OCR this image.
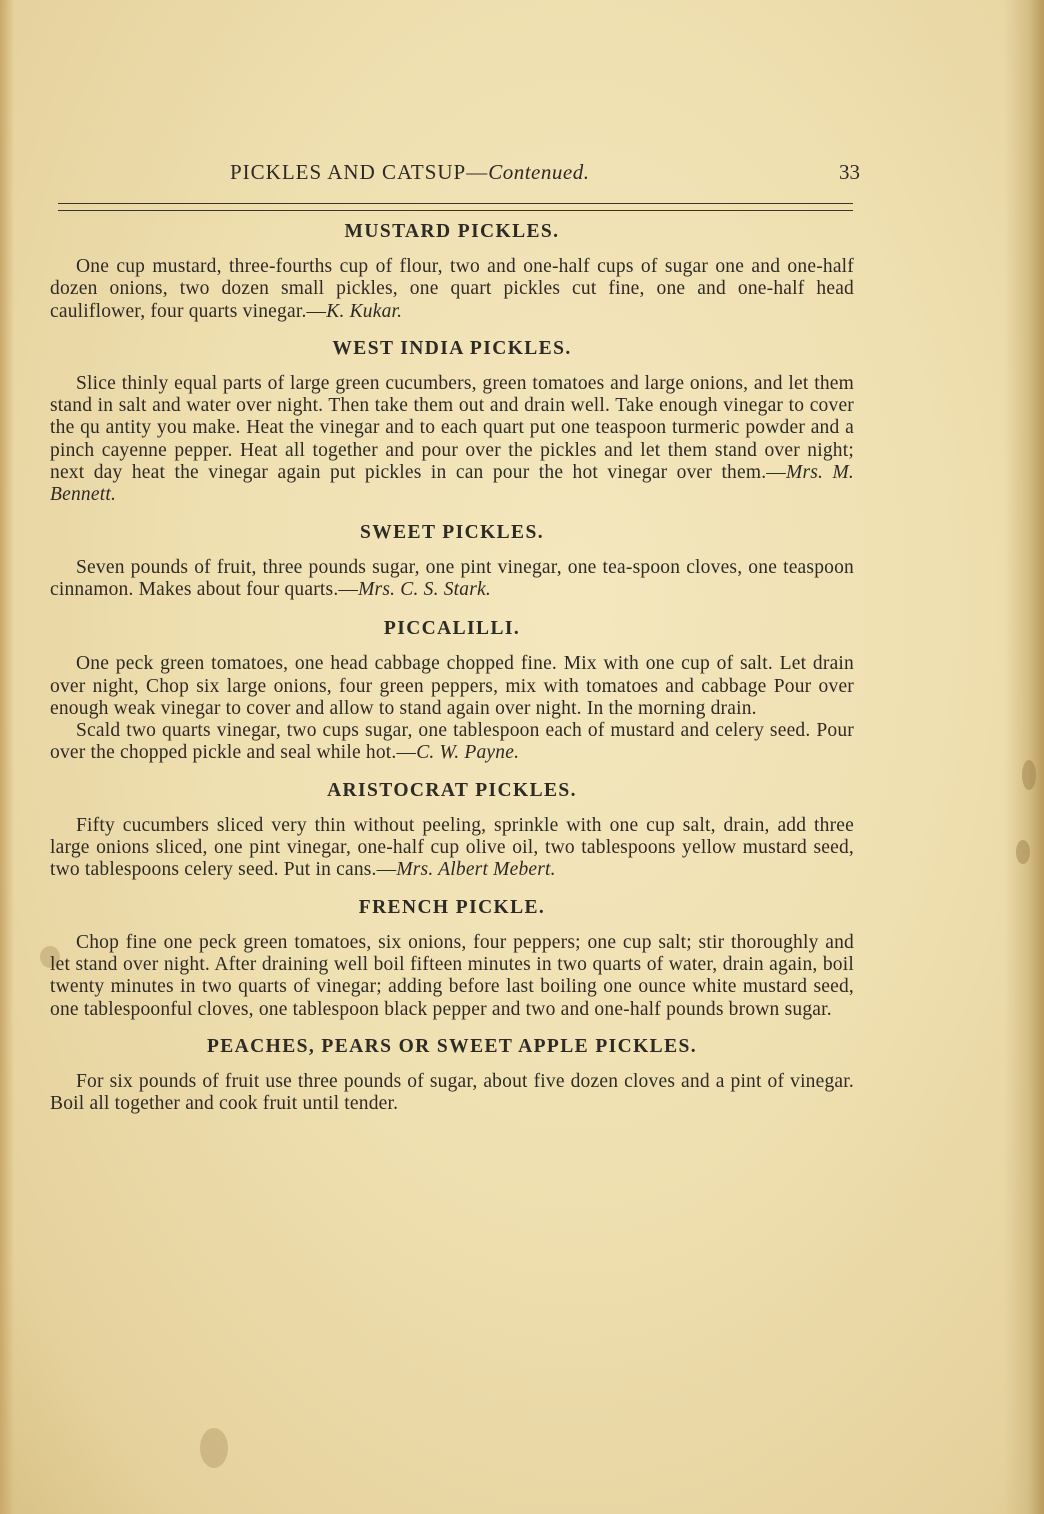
PICKLES AND CATSUP—Contenued.	33
MUSTARD PICKLES.

One cup mustard, three-fourths cup of flour, two and one-half cups of sugar one and one-half dozen onions, two dozen small pickles, one quart pickles cut fine, one and one-half head cauliflower, four quarts vinegar.—K. Kukar.

WEST INDIA PICKLES.

Slice thinly equal parts of large green cucumbers, green tomatoes and large onions, and let them stand in salt and water over night. Then take them out and drain well. Take enough vinegar to cover the qu antity you make. Heat the vinegar and to each quart put one teaspoon turmeric powder and a pinch cayenne pepper. Heat all together and pour over the pickles and let them stand over night; next day heat the vinegar again put pickles in can pour the hot vinegar over them.—Mrs. M. Bennett.

SWEET PICKLES.

Seven pounds of fruit, three pounds sugar, one pint vinegar, one tea-spoon cloves, one teaspoon cinnamon. Makes about four quarts.—Mrs. C. S. Stark.

PICCALILLI.

One peck green tomatoes, one head cabbage chopped fine. Mix with one cup of salt. Let drain over night, Chop six large onions, four green peppers, mix with tomatoes and cabbage Pour over enough weak vinegar to cover and allow to stand again over night. In the morning drain.
Scald two quarts vinegar, two cups sugar, one tablespoon each of mustard and celery seed. Pour over the chopped pickle and seal while hot.—C. W. Payne.

ARISTOCRAT PICKLES.

Fifty cucumbers sliced very thin without peeling, sprinkle with one cup salt, drain, add three large onions sliced, one pint vinegar, one-half cup olive oil, two tablespoons yellow mustard seed, two tablespoons celery seed. Put in cans.—Mrs. Albert Mebert.

FRENCH PICKLE.

Chop fine one peck green tomatoes, six onions, four peppers; one cup salt; stir thoroughly and let stand over night. After draining well boil fifteen minutes in two quarts of water, drain again, boil twenty minutes in two quarts of vinegar; adding before last boiling one ounce white mustard seed, one tablespoonful cloves, one tablespoon black pepper and two and one-half pounds brown sugar.

PEACHES, PEARS OR SWEET APPLE PICKLES.

For six pounds of fruit use three pounds of sugar, about five dozen cloves and a pint of vinegar. Boil all together and cook fruit until tender.
